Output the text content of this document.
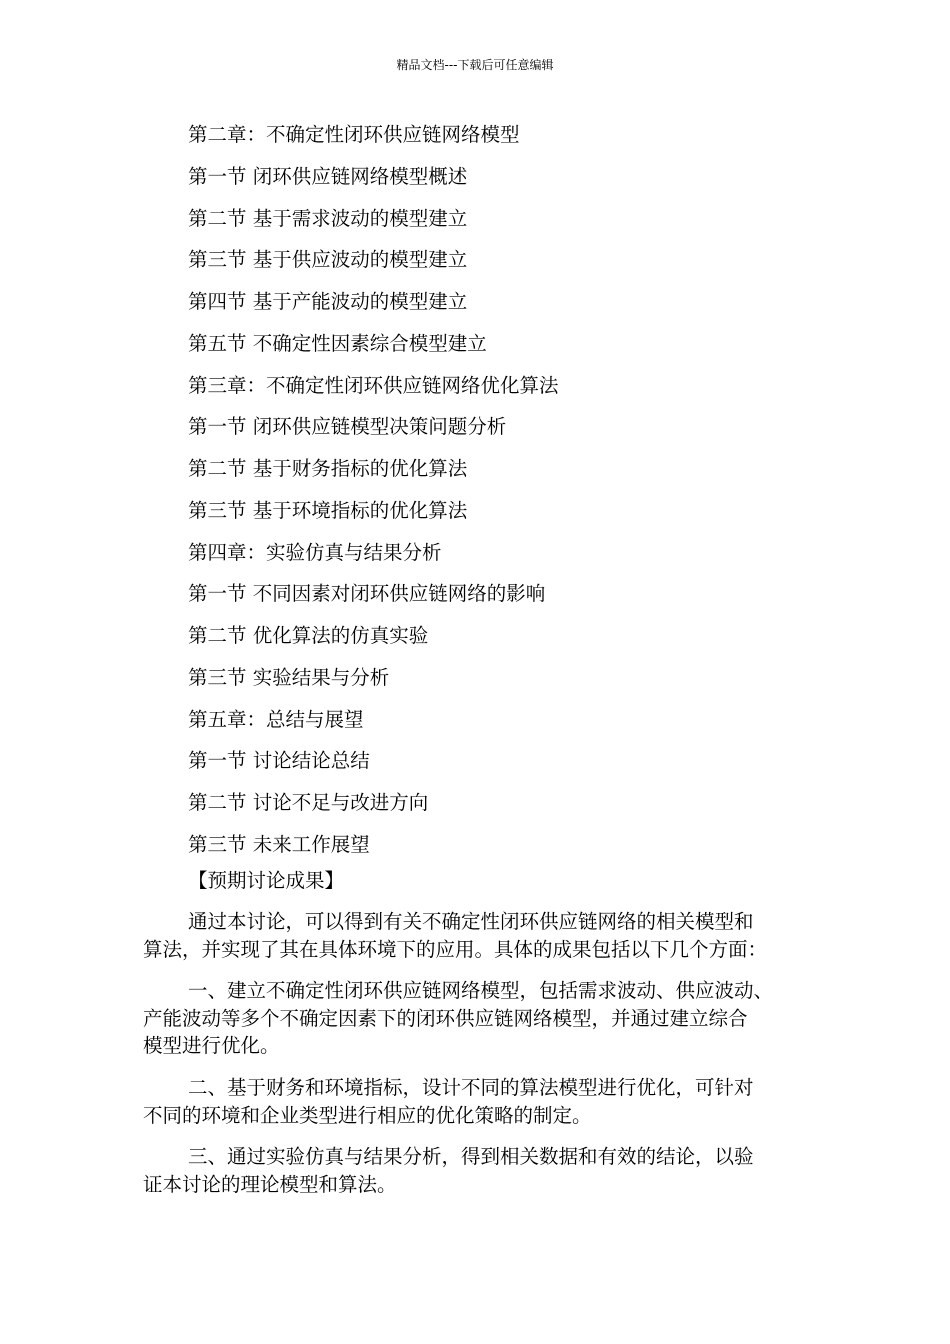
精品文档---下载后可任意编辑
第二章：不确定性闭环供应链网络模型
第一节 闭环供应链网络模型概述
第二节 基于需求波动的模型建立
第三节 基于供应波动的模型建立
第四节 基于产能波动的模型建立
第五节 不确定性因素综合模型建立
第三章：不确定性闭环供应链网络优化算法
第一节 闭环供应链模型决策问题分析
第二节 基于财务指标的优化算法
第三节 基于环境指标的优化算法
第四章：实验仿真与结果分析
第一节 不同因素对闭环供应链网络的影响
第二节 优化算法的仿真实验
第三节 实验结果与分析
第五章：总结与展望
第一节 讨论结论总结
第二节 讨论不足与改进方向
第三节 未来工作展望
【预期讨论成果】

通过本讨论，可以得到有关不确定性闭环供应链网络的相关模型和
算法，并实现了其在具体环境下的应用。具体的成果包括以下几个方面：

一、建立不确定性闭环供应链网络模型，包括需求波动、供应波动、
产能波动等多个不确定因素下的闭环供应链网络模型，并通过建立综合
模型进行优化。

二、基于财务和环境指标，设计不同的算法模型进行优化，可针对
不同的环境和企业类型进行相应的优化策略的制定。

三、通过实验仿真与结果分析，得到相关数据和有效的结论，以验
证本讨论的理论模型和算法。
